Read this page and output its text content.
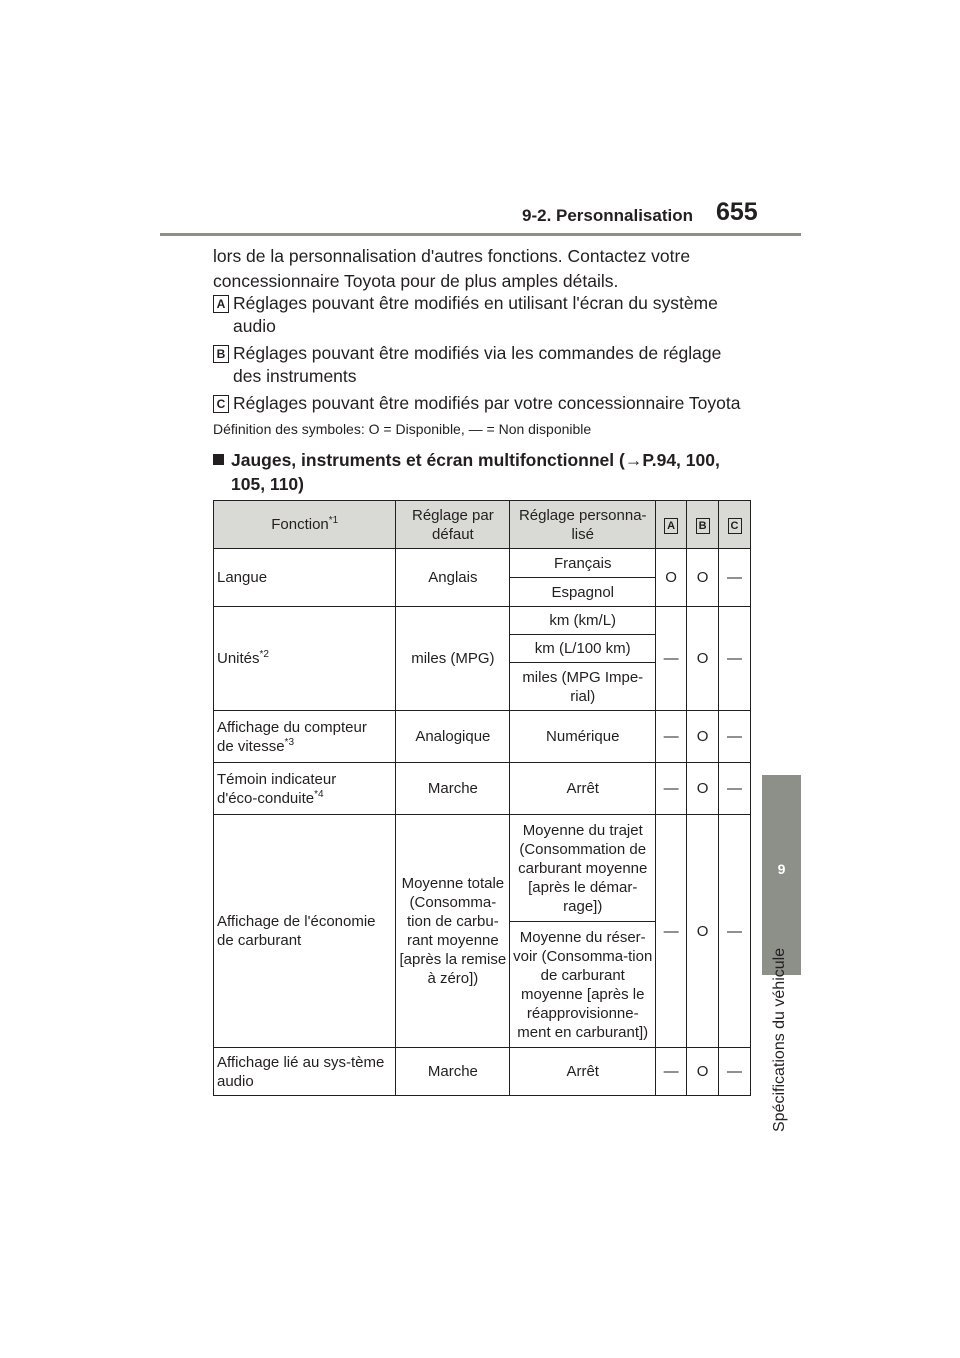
9-2. Personnalisation 655
9
Spécifications du véhicule
lors de la personnalisation d'autres fonctions. Contactez votre concessionnaire Toyota pour de plus amples détails.
A Réglages pouvant être modifiés en utilisant l'écran du système
audio
B Réglages pouvant être modifiés via les commandes de réglage
des instruments
C Réglages pouvant être modifiés par votre concessionnaire Toyota
Définition des symboles: O = Disponible, — = Non disponible
Jauges, instruments et écran multifonctionnel (→P.94, 100, 105, 110)
Fonction$^{*1}$	Réglage par défaut	Réglage personna-lisé	A	B	C
Langue	Anglais	Français	O	O	—
		Espagnol			
Unités$^{*2}$	miles (MPG)	km (km/L)	—	O	—
		km (L/100 km)			
		miles (MPG Impe-rial)			
Affichage du compteur
de vitesse$^{*3}$	Analogique	Numérique	—	O	—
Témoin indicateur
d'éco-conduite$^{*4}$	Marche	Arrêt	—	O	—
Affichage de l'économie de carburant	Moyenne totale (Consomma-tion de carbu-rant moyenne [après la remise à zéro])	Moyenne du trajet (Consommation de carburant moyenne [après le démar-rage])	—	O	—
		Moyenne du réser-voir (Consomma-tion de carburant moyenne [après le réapprovisionne-ment en carburant])			
Affichage lié au sys-tème audio	Marche	Arrêt	—	O	—
